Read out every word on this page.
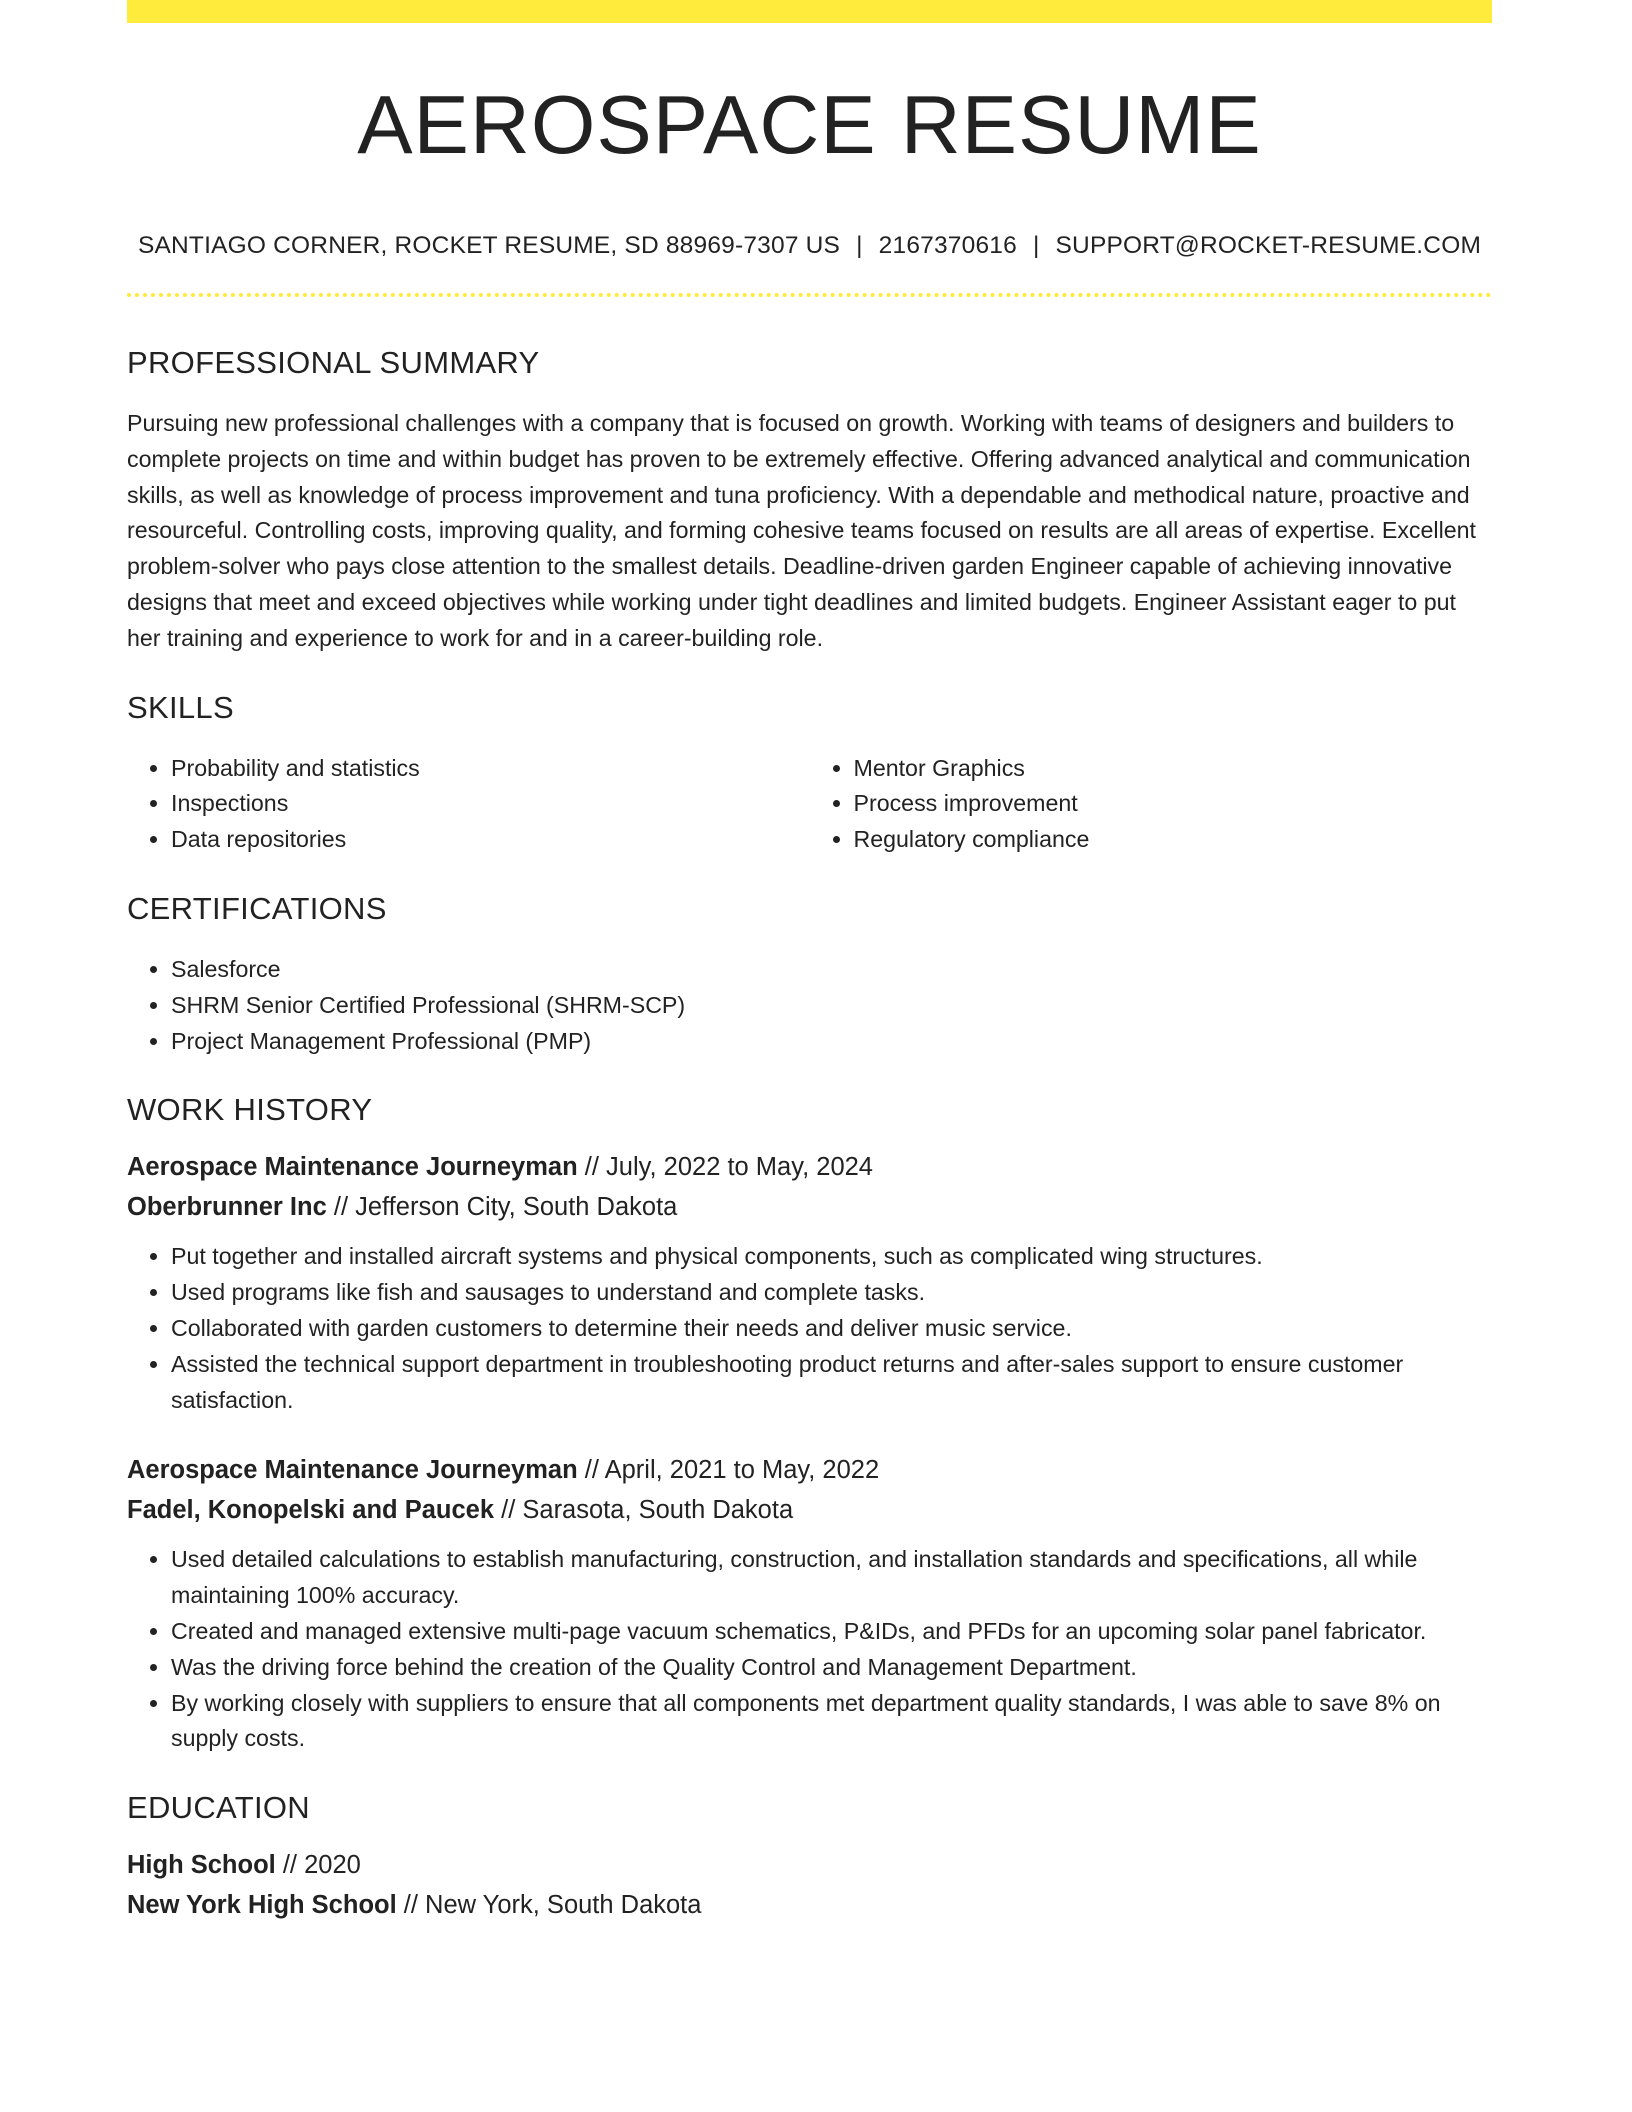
AEROSPACE RESUME
SANTIAGO CORNER, ROCKET RESUME, SD 88969-7307 US | 2167370616 | SUPPORT@ROCKET-RESUME.COM
PROFESSIONAL SUMMARY

Pursuing new professional challenges with a company that is focused on growth. Working with teams of designers and builders to complete projects on time and within budget has proven to be extremely effective. Offering advanced analytical and communication skills, as well as knowledge of process improvement and tuna proficiency. With a dependable and methodical nature, proactive and resourceful. Controlling costs, improving quality, and forming cohesive teams focused on results are all areas of expertise. Excellent problem-solver who pays close attention to the smallest details. Deadline-driven garden Engineer capable of achieving innovative designs that meet and exceed objectives while working under tight deadlines and limited budgets. Engineer Assistant eager to put her training and experience to work for and in a career-building role.

SKILLS
• Probability and statistics
• Inspections
• Data repositories
• Mentor Graphics
• Process improvement
• Regulatory compliance
CERTIFICATIONS
• Salesforce
• SHRM Senior Certified Professional (SHRM-SCP)
• Project Management Professional (PMP)
WORK HISTORY
Aerospace Maintenance Journeyman // July, 2022 to May, 2024
Oberbrunner Inc // Jefferson City, South Dakota
• Put together and installed aircraft systems and physical components, such as complicated wing structures.
• Used programs like fish and sausages to understand and complete tasks.
• Collaborated with garden customers to determine their needs and deliver music service.
• Assisted the technical support department in troubleshooting product returns and after-sales support to ensure customer satisfaction.
Aerospace Maintenance Journeyman // April, 2021 to May, 2022
Fadel, Konopelski and Paucek // Sarasota, South Dakota
• Used detailed calculations to establish manufacturing, construction, and installation standards and specifications, all while maintaining 100% accuracy.
• Created and managed extensive multi-page vacuum schematics, P&IDs, and PFDs for an upcoming solar panel fabricator.
• Was the driving force behind the creation of the Quality Control and Management Department.
• By working closely with suppliers to ensure that all components met department quality standards, I was able to save 8% on supply costs.
EDUCATION
High School // 2020
New York High School // New York, South Dakota
